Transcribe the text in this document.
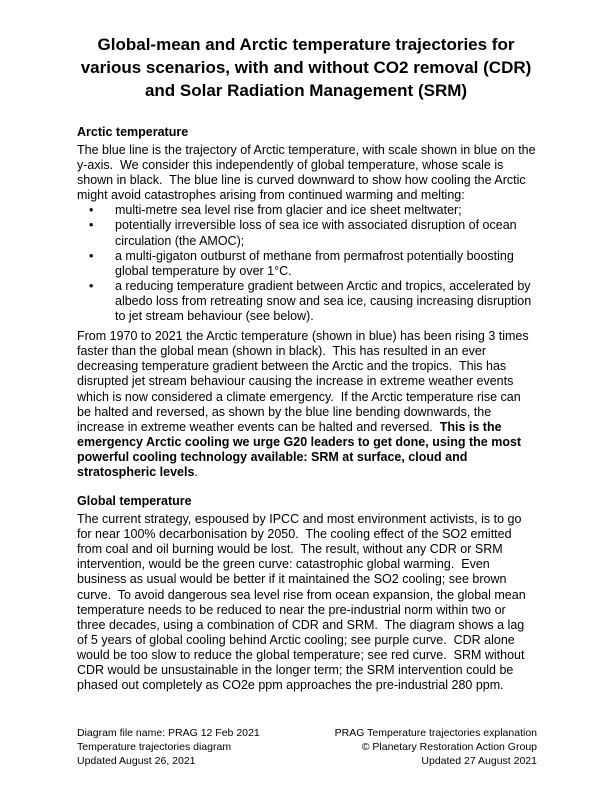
Global-mean and Arctic temperature trajectories for various scenarios, with and without CO2 removal (CDR) and Solar Radiation Management (SRM)
Arctic temperature

The blue line is the trajectory of Arctic temperature, with scale shown in blue on the y-axis.  We consider this independently of global temperature, whose scale is shown in black.  The blue line is curved downward to show how cooling the Arctic might avoid catastrophes arising from continued warming and melting:

•	multi-metre sea level rise from glacier and ice sheet meltwater;
•	potentially irreversible loss of sea ice with associated disruption of ocean circulation (the AMOC);
•	a multi-gigaton outburst of methane from permafrost potentially boosting global temperature by over 1°C.
•	a reducing temperature gradient between Arctic and tropics, accelerated by albedo loss from retreating snow and sea ice, causing increasing disruption to jet stream behaviour (see below).

From 1970 to 2021 the Arctic temperature (shown in blue) has been rising 3 times faster than the global mean (shown in black).  This has resulted in an ever decreasing temperature gradient between the Arctic and the tropics.  This has disrupted jet stream behaviour causing the increase in extreme weather events which is now considered a climate emergency.  If the Arctic temperature rise can be halted and reversed, as shown by the blue line bending downwards, the increase in extreme weather events can be halted and reversed.  This is the emergency Arctic cooling we urge G20 leaders to get done, using the most powerful cooling technology available: SRM at surface, cloud and stratospheric levels.

Global temperature

The current strategy, espoused by IPCC and most environment activists, is to go for near 100% decarbonisation by 2050.  The cooling effect of the SO2 emitted from coal and oil burning would be lost.  The result, without any CDR or SRM intervention, would be the green curve: catastrophic global warming.  Even business as usual would be better if it maintained the SO2 cooling; see brown curve.  To avoid dangerous sea level rise from ocean expansion, the global mean temperature needs to be reduced to near the pre-industrial norm within two or three decades, using a combination of CDR and SRM.  The diagram shows a lag of 5 years of global cooling behind Arctic cooling; see purple curve.  CDR alone would be too slow to reduce the global temperature; see red curve.  SRM without CDR would be unsustainable in the longer term; the SRM intervention could be phased out completely as CO2e ppm approaches the pre-industrial 280 ppm.

Diagram file name: PRAG 12 Feb 2021
Temperature trajectories diagram
Updated August 26, 2021
PRAG Temperature trajectories explanation
© Planetary Restoration Action Group
Updated 27 August 2021
